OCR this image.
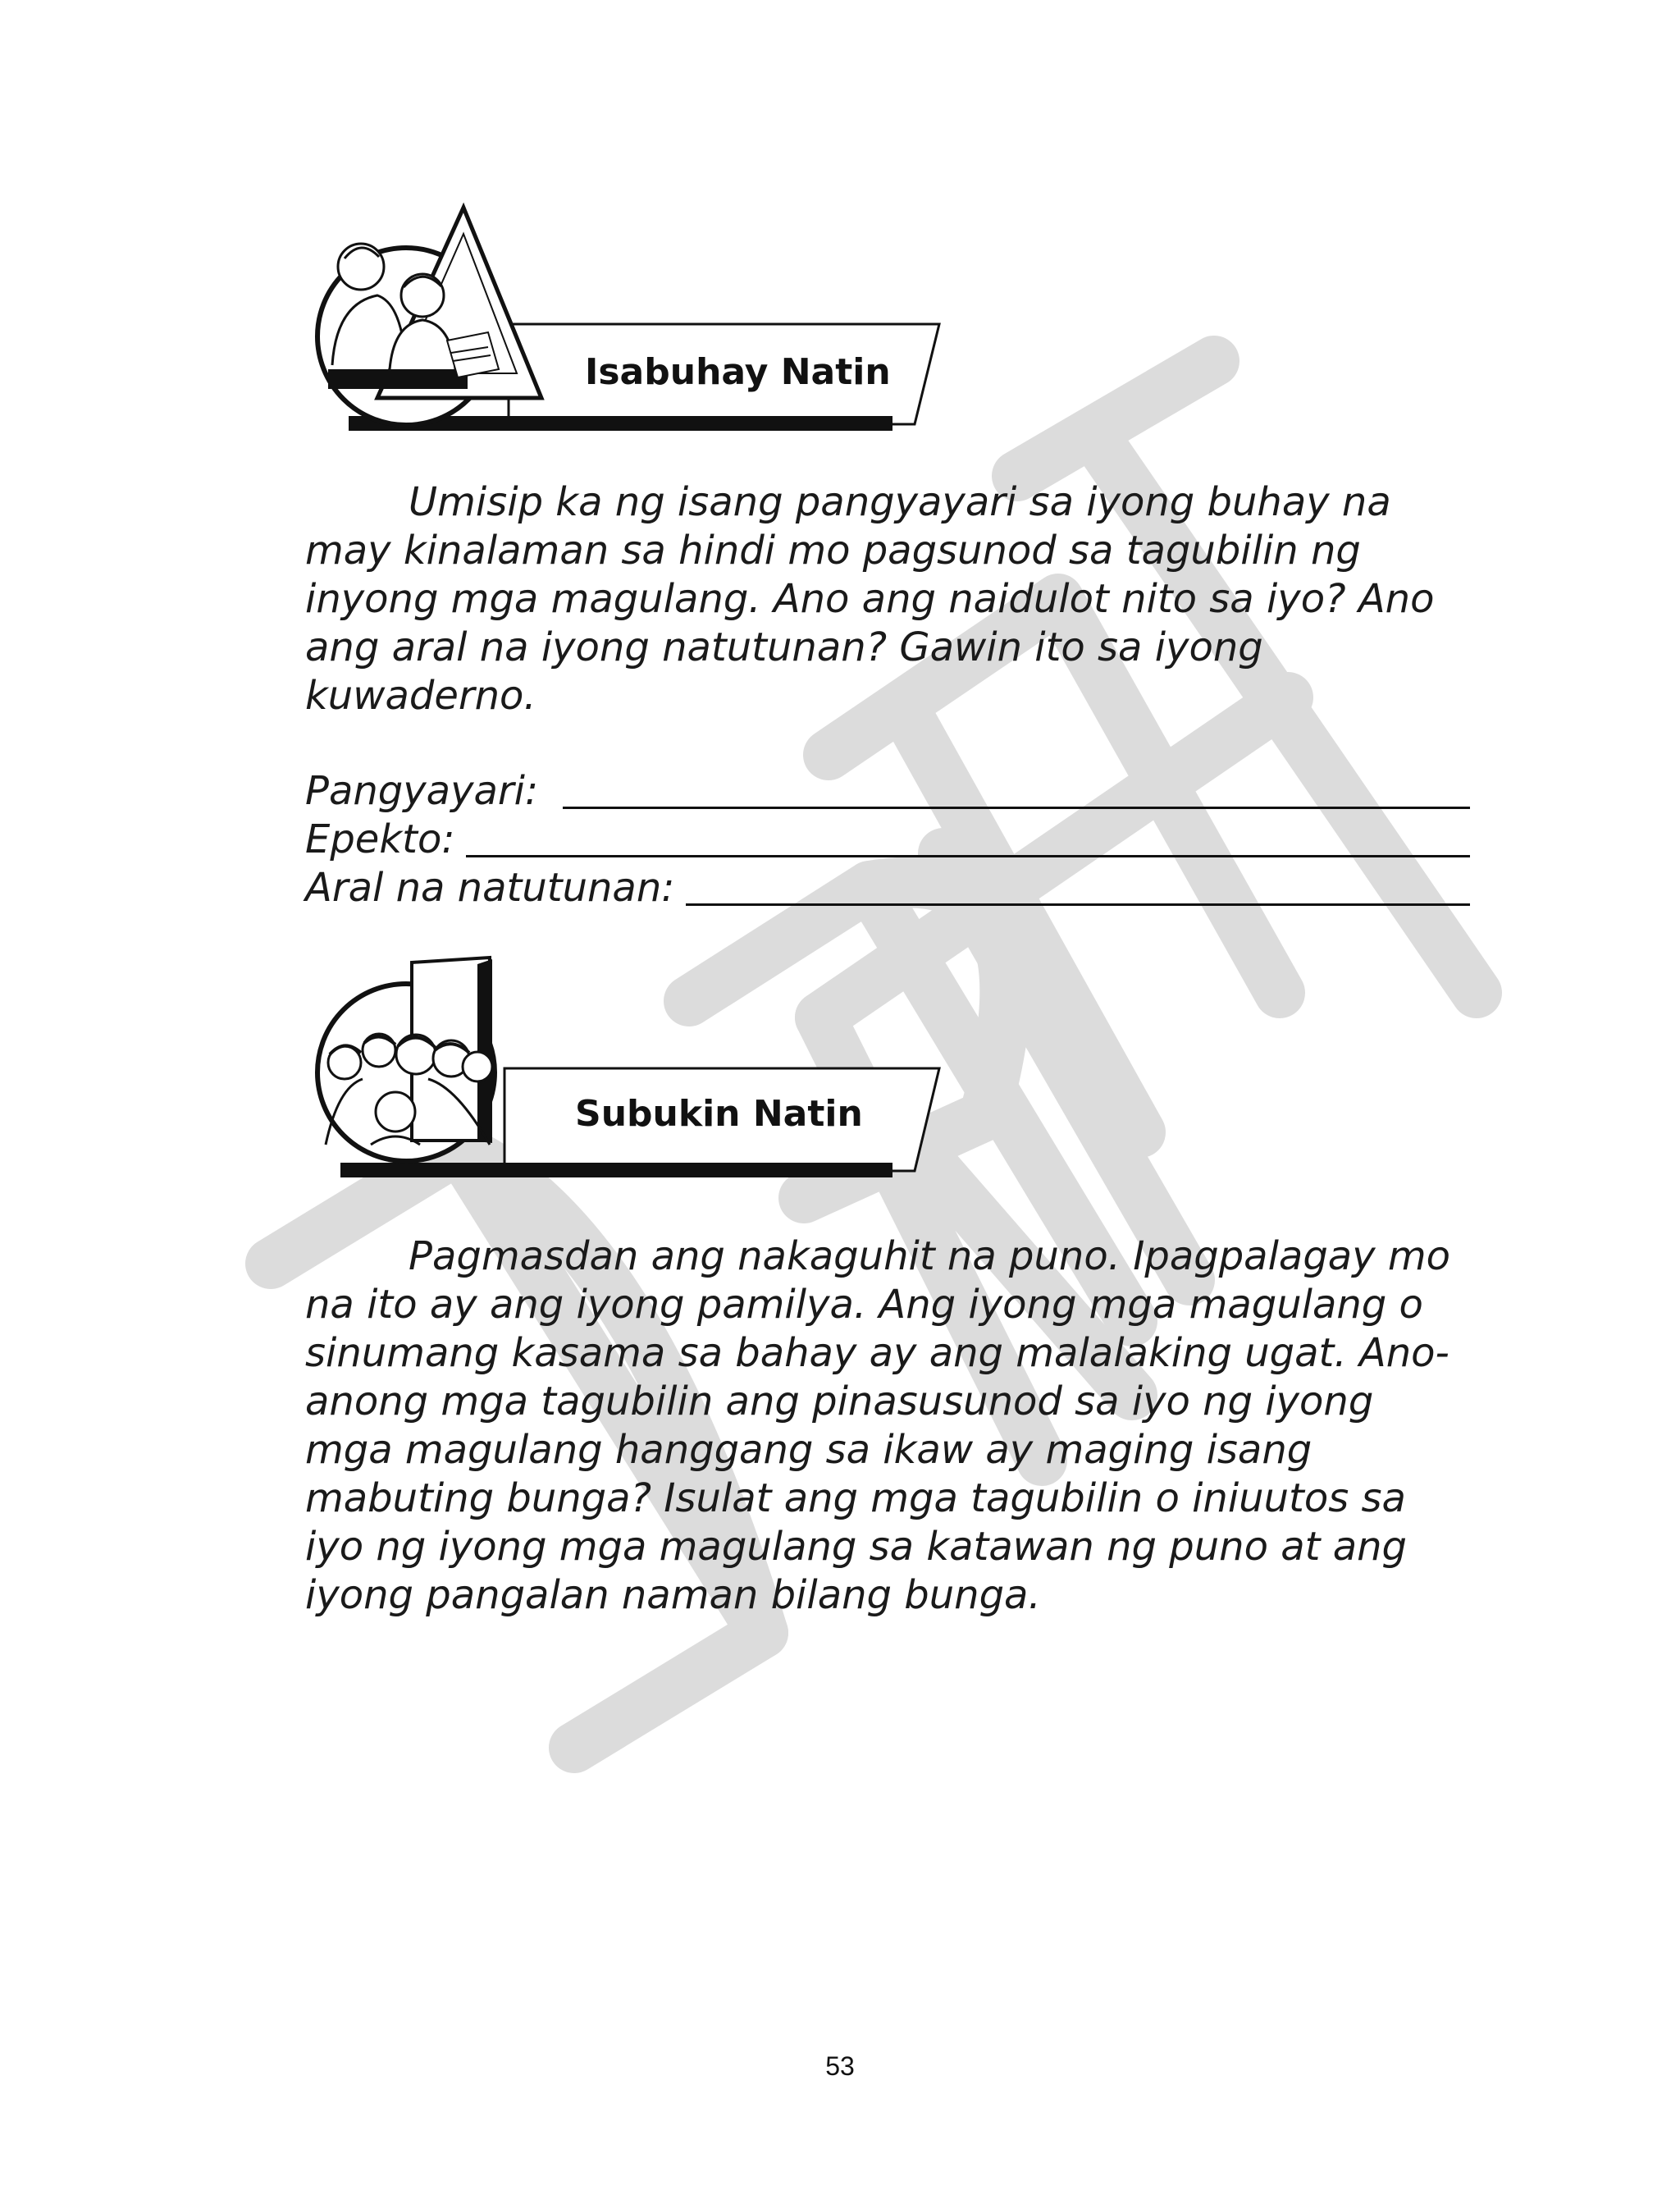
Isabuhay Natin

Umisip ka ng isang pangyayari sa iyong buhay na may kinalaman sa hindi mo pagsunod sa tagubilin ng inyong mga magulang. Ano ang naidulot nito sa iyo? Ano ang aral na iyong natutunan? Gawin ito sa iyong kuwaderno.

Pangyayari:
Epekto:
Aral na natutunan:
Subukin Natin

Pagmasdan ang nakaguhit na puno. Ipagpalagay mo na ito ay ang iyong pamilya. Ang iyong mga magulang o sinumang kasama sa bahay ay ang malalaking ugat. Ano-anong mga tagubilin ang pinasusunod sa iyo ng iyong mga magulang hanggang sa ikaw ay maging isang mabuting bunga? Isulat ang mga tagubilin o iniuutos sa iyo ng iyong mga magulang sa katawan ng puno at ang iyong pangalan naman bilang bunga.

53
